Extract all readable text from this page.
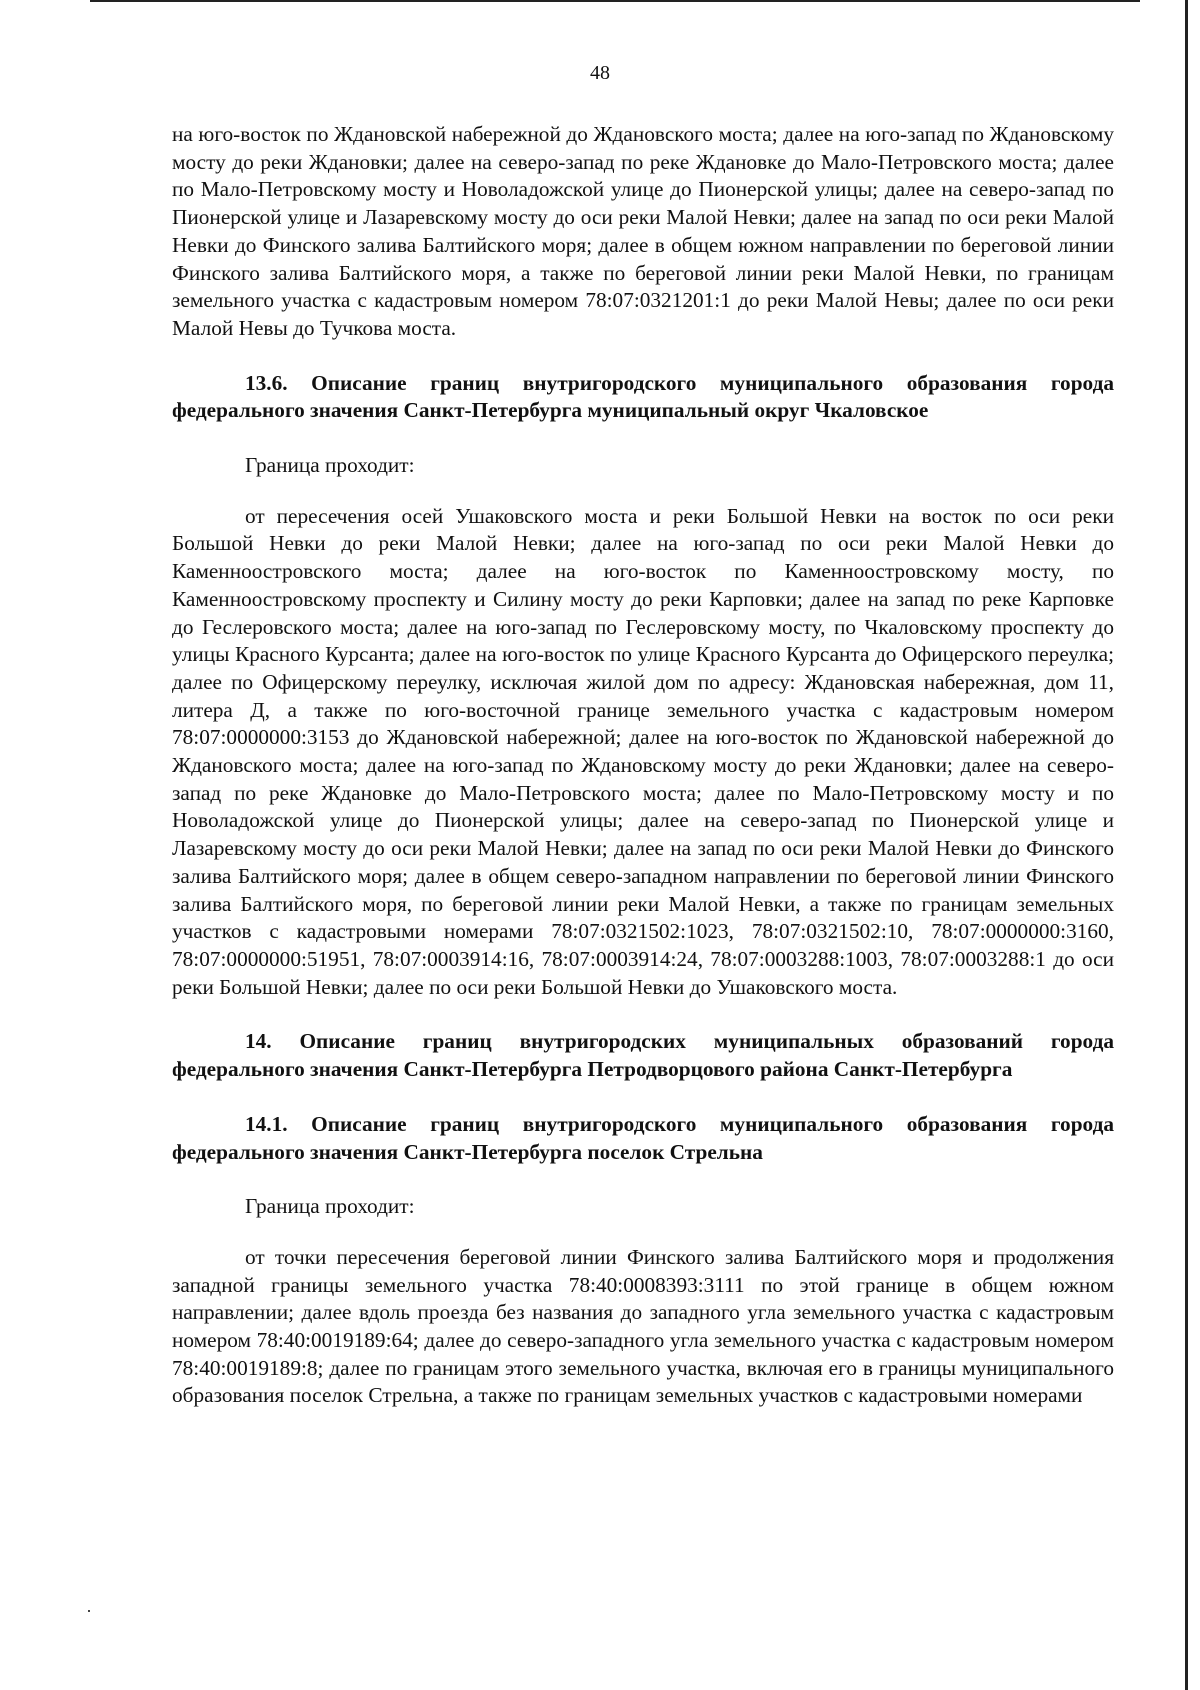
48

на юго-восток по Ждановской набережной до Ждановского моста; далее на юго-запад по Ждановскому мосту до реки Ждановки; далее на северо-запад по реке Ждановке до Мало-Петровского моста; далее по Мало-Петровскому мосту и Новоладожской улице до Пионерской улицы; далее на северо-запад по Пионерской улице и Лазаревскому мосту до оси реки Малой Невки; далее на запад по оси реки Малой Невки до Финского залива Балтийского моря; далее в общем южном направлении по береговой линии Финского залива Балтийского моря, а также по береговой линии реки Малой Невки, по границам земельного участка с кадастровым номером 78:07:0321201:1 до реки Малой Невы; далее по оси реки Малой Невы до Тучкова моста.

13.6. Описание границ внутригородского муниципального образования города федерального значения Санкт-Петербурга муниципальный округ Чкаловское

Граница проходит:

от пересечения осей Ушаковского моста и реки Большой Невки на восток по оси реки Большой Невки до реки Малой Невки; далее на юго-запад по оси реки Малой Невки до Каменноостровского моста; далее на юго-восток по Каменноостровскому мосту, по Каменноостровскому проспекту и Силину мосту до реки Карповки; далее на запад по реке Карповке до Геслеровского моста; далее на юго-запад по Геслеровскому мосту, по Чкаловскому проспекту до улицы Красного Курсанта; далее на юго-восток по улице Красного Курсанта до Офицерского переулка; далее по Офицерскому переулку, исключая жилой дом по адресу: Ждановская набережная, дом 11, литера Д, а также по юго-восточной границе земельного участка с кадастровым номером 78:07:0000000:3153 до Ждановской набережной; далее на юго-восток по Ждановской набережной до Ждановского моста; далее на юго-запад по Ждановскому мосту до реки Ждановки; далее на северо-запад по реке Ждановке до Мало-Петровского моста; далее по Мало-Петровскому мосту и по Новоладожской улице до Пионерской улицы; далее на северо-запад по Пионерской улице и Лазаревскому мосту до оси реки Малой Невки; далее на запад по оси реки Малой Невки до Финского залива Балтийского моря; далее в общем северо-западном направлении по береговой линии Финского залива Балтийского моря, по береговой линии реки Малой Невки, а также по границам земельных участков с кадастровыми номерами 78:07:0321502:1023, 78:07:0321502:10, 78:07:0000000:3160, 78:07:0000000:51951, 78:07:0003914:16, 78:07:0003914:24, 78:07:0003288:1003, 78:07:0003288:1 до оси реки Большой Невки; далее по оси реки Большой Невки до Ушаковского моста.

14. Описание границ внутригородских муниципальных образований города федерального значения Санкт-Петербурга Петродворцового района Санкт-Петербурга

14.1. Описание границ внутригородского муниципального образования города федерального значения Санкт-Петербурга поселок Стрельна

Граница проходит:

от точки пересечения береговой линии Финского залива Балтийского моря и продолжения западной границы земельного участка 78:40:0008393:3111 по этой границе в общем южном направлении; далее вдоль проезда без названия до западного угла земельного участка с кадастровым номером 78:40:0019189:64; далее до северо-западного угла земельного участка с кадастровым номером 78:40:0019189:8; далее по границам этого земельного участка, включая его в границы муниципального образования поселок Стрельна, а также по границам земельных участков с кадастровыми номерами
